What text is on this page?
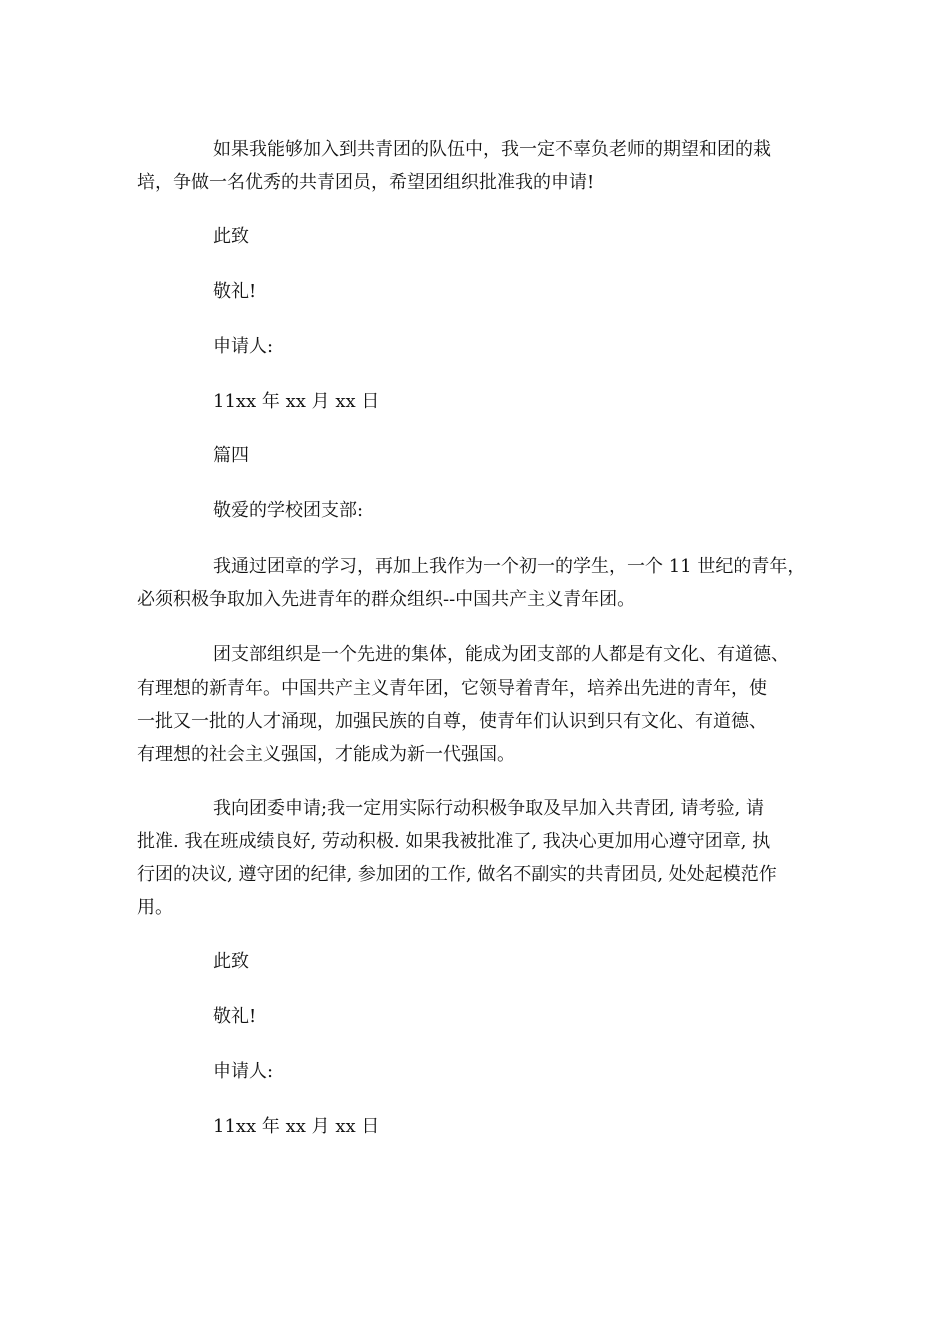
如果我能够加入到共青团的队伍中，我一定不辜负老师的期望和团的栽

培，争做一名优秀的共青团员，希望团组织批准我的申请!

此致

敬礼!

申请人:

11xx 年 xx 月 xx 日

篇四

敬爱的学校团支部:

我通过团章的学习，再加上我作为一个初一的学生，一个 11 世纪的青年，

必须积极争取加入先进青年的群众组织--中国共产主义青年团。

团支部组织是一个先进的集体，能成为团支部的人都是有文化、有道德、

有理想的新青年。中国共产主义青年团，它领导着青年，培养出先进的青年，使

一批又一批的人才涌现，加强民族的自尊，使青年们认识到只有文化、有道德、

有理想的社会主义强国，才能成为新一代强国。

我向团委申请;我一定用实际行动积极争取及早加入共青团, 请考验, 请

批准. 我在班成绩良好, 劳动积极. 如果我被批准了, 我决心更加用心遵守团章, 执

行团的决议, 遵守团的纪律, 参加团的工作, 做名不副实的共青团员, 处处起模范作

用。

此致

敬礼!

申请人:

11xx 年 xx 月 xx 日
